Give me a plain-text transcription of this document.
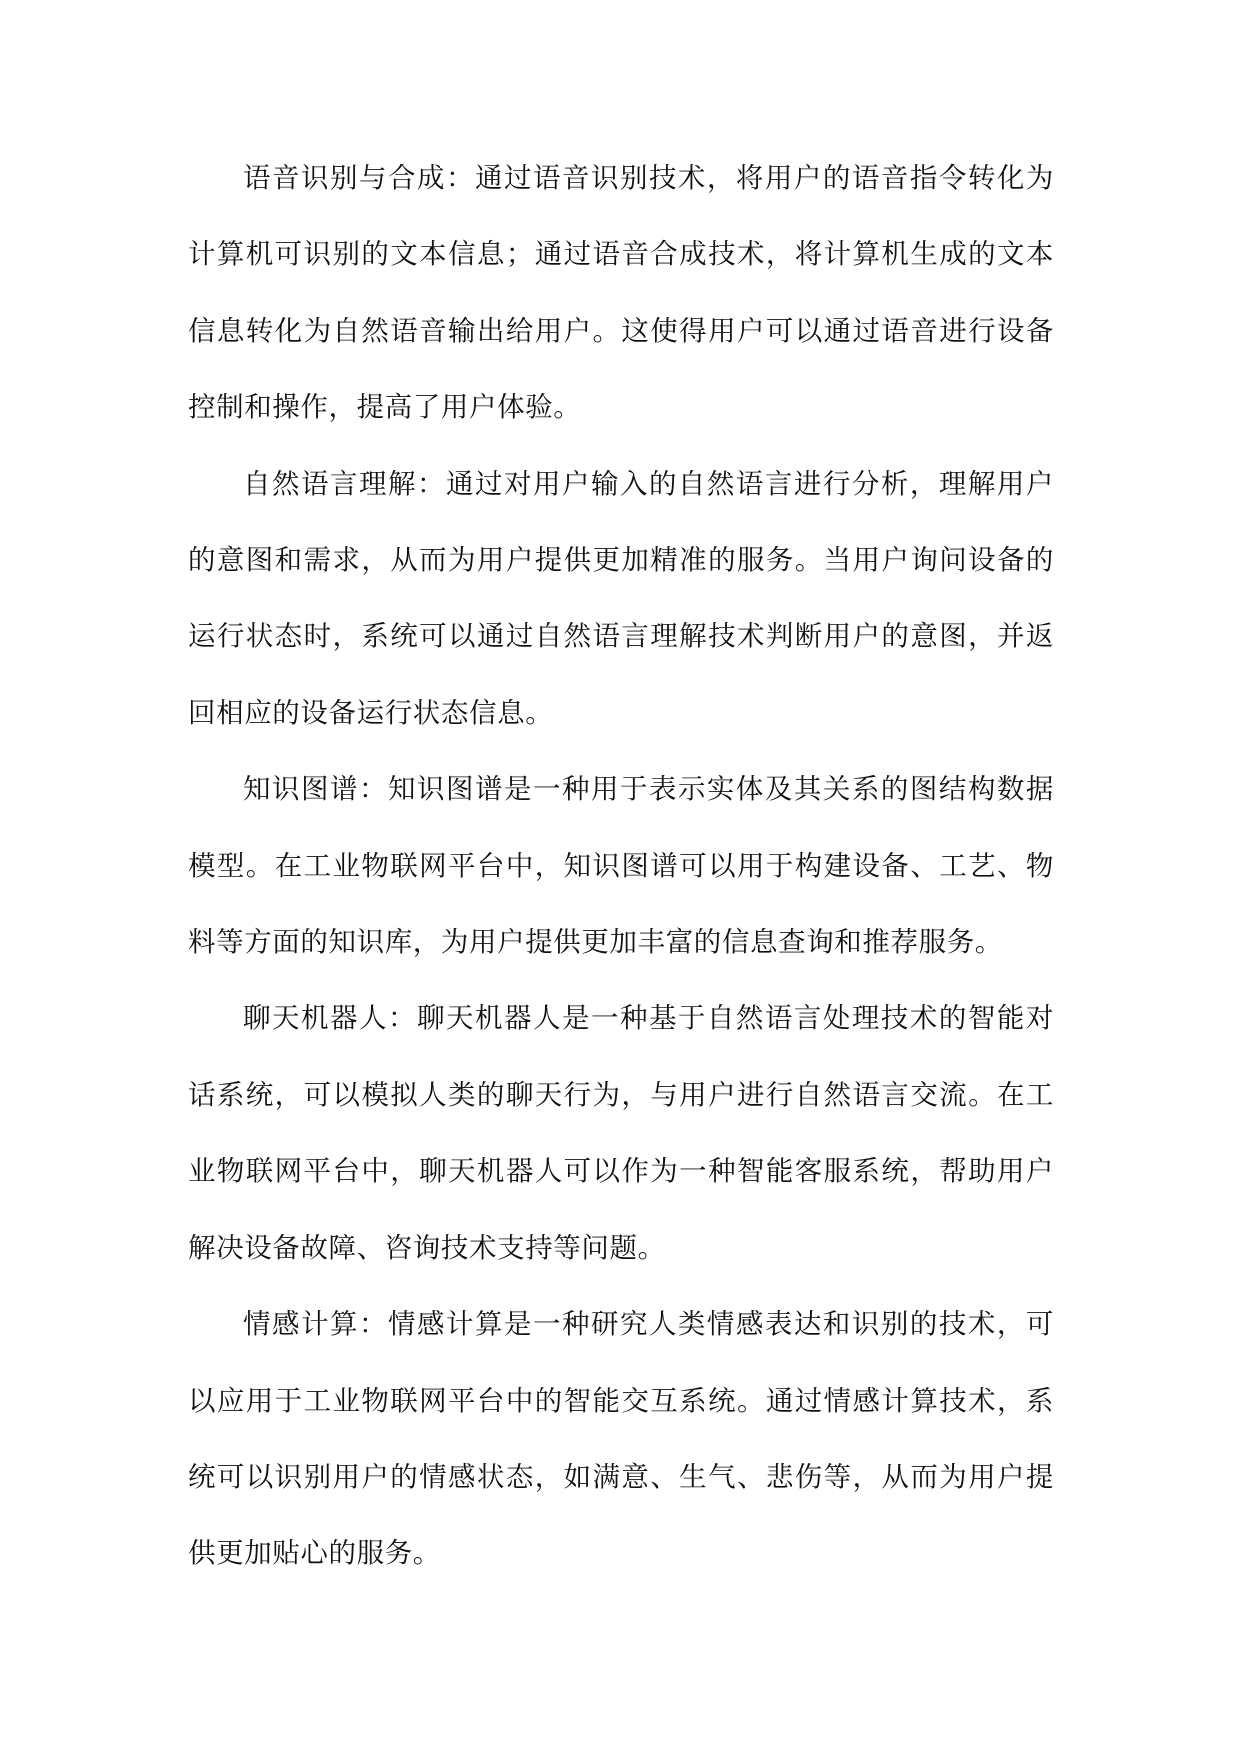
语音识别与合成：通过语音识别技术，将用户的语音指令转化为计算机可识别的文本信息；通过语音合成技术，将计算机生成的文本信息转化为自然语音输出给用户。这使得用户可以通过语音进行设备控制和操作，提高了用户体验。

自然语言理解：通过对用户输入的自然语言进行分析，理解用户的意图和需求，从而为用户提供更加精准的服务。当用户询问设备的运行状态时，系统可以通过自然语言理解技术判断用户的意图，并返回相应的设备运行状态信息。

知识图谱：知识图谱是一种用于表示实体及其关系的图结构数据模型。在工业物联网平台中，知识图谱可以用于构建设备、工艺、物料等方面的知识库，为用户提供更加丰富的信息查询和推荐服务。

聊天机器人：聊天机器人是一种基于自然语言处理技术的智能对话系统，可以模拟人类的聊天行为，与用户进行自然语言交流。在工业物联网平台中，聊天机器人可以作为一种智能客服系统，帮助用户解决设备故障、咨询技术支持等问题。

情感计算：情感计算是一种研究人类情感表达和识别的技术，可以应用于工业物联网平台中的智能交互系统。通过情感计算技术，系统可以识别用户的情感状态，如满意、生气、悲伤等，从而为用户提供更加贴心的服务。
